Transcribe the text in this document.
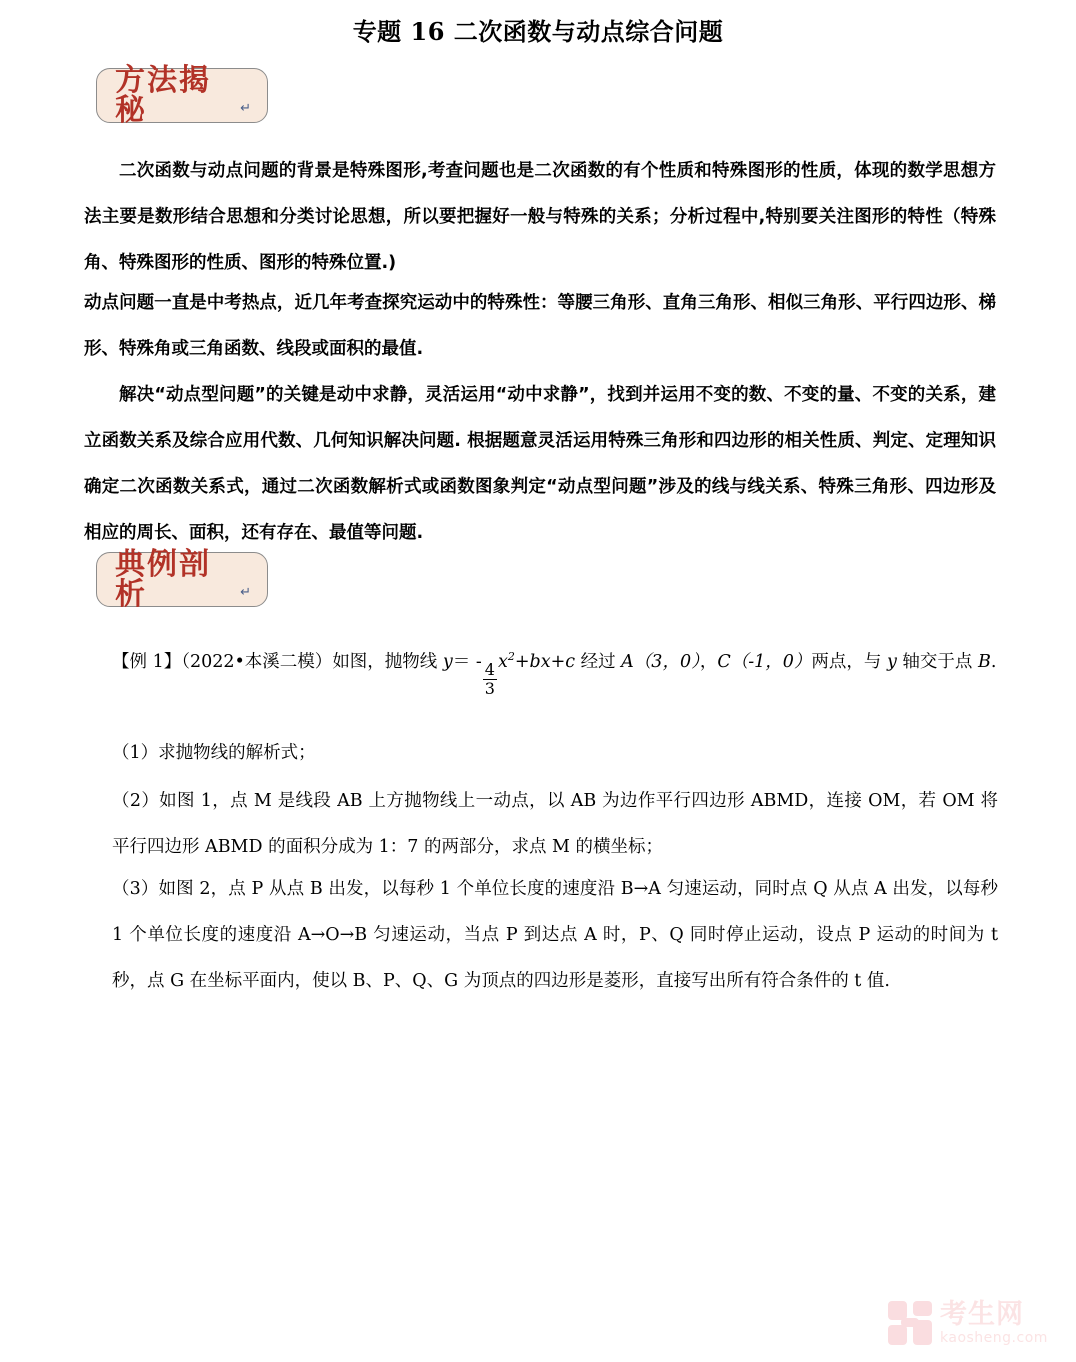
专题 16 二次函数与动点综合问题
方法揭秘	↵

二次函数与动点问题的背景是特殊图形,考查问题也是二次函数的有个性质和特殊图形的性质，体现的数学思想方法主要是数形结合思想和分类讨论思想，所以要把握好一般与特殊的关系；分析过程中,特别要关注图形的特性（特殊角、特殊图形的性质、图形的特殊位置.)

动点问题一直是中考热点，近几年考查探究运动中的特殊性：等腰三角形、直角三角形、相似三角形、平行四边形、梯形、特殊角或三角函数、线段或面积的最值.

解决“动点型问题”的关键是动中求静，灵活运用“动中求静”，找到并运用不变的数、不变的量、不变的关系，建立函数关系及综合应用代数、几何知识解决问题. 根据题意灵活运用特殊三角形和四边形的相关性质、判定、定理知识确定二次函数关系式，通过二次函数解析式或函数图象判定“动点型问题”涉及的线与线关系、特殊三角形、四边形及相应的周长、面积，还有存在、最值等问题.

典例剖析	↵

【例 1】（2022•本溪二模）如图，抛物线 y＝ -
$\frac{4}{3}$
$x^2+bx+c$ 经过 A（3，0），C（‐1，0）两点，与 y 轴交于点 B.

（1）求抛物线的解析式；

（2）如图 1，点 M 是线段 AB 上方抛物线上一动点，以 AB 为边作平行四边形 ABMD，连接 OM，若 OM 将平行四边形 ABMD 的面积分成为 1：7 的两部分，求点 M 的横坐标；

（3）如图 2，点 P 从点 B 出发，以每秒 1 个单位长度的速度沿 B→A 匀速运动，同时点 Q 从点 A 出发，以每秒 1 个单位长度的速度沿 A→O→B 匀速运动，当点 P 到达点 A 时，P、Q 同时停止运动，设点 P 运动的时间为 t 秒，点 G 在坐标平面内，使以 B、P、Q、G 为顶点的四边形是菱形，直接写出所有符合条件的 t 值.

考生网
kaosheng.com
